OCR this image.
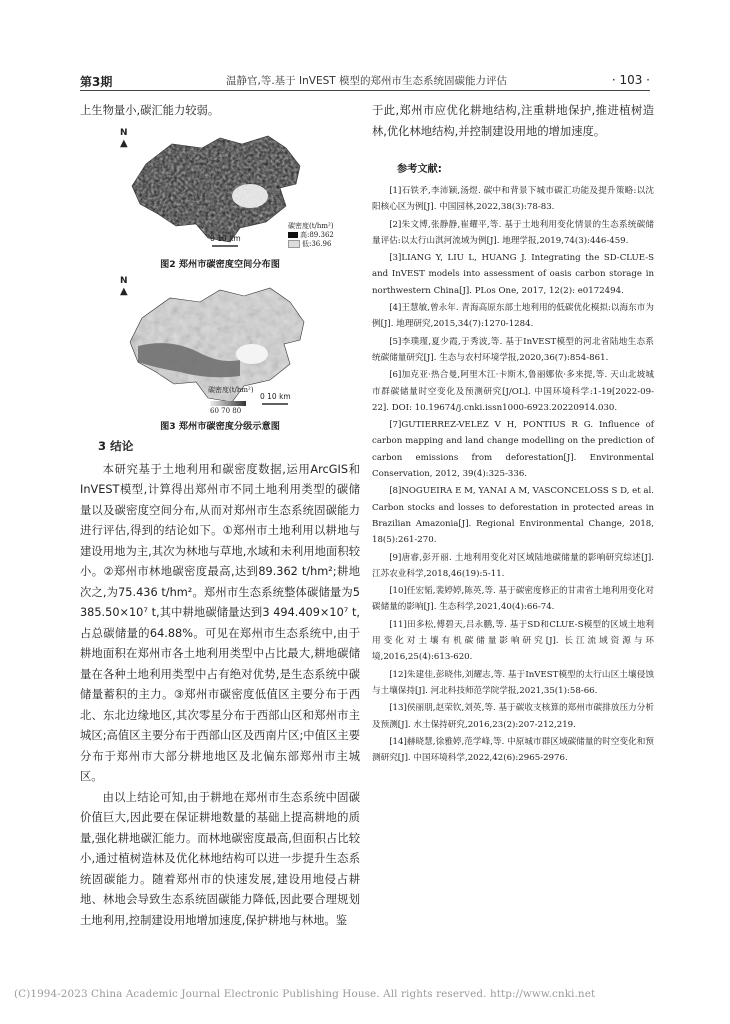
第3期	温静官,等.基于 InVEST 模型的郑州市生态系统固碳能力评估	· 103 ·

上生物量小,碳汇能力较弱。

N
▲
0 10 km
碳密度(t/hm²)
高:89.362
低:36.96
图2 郑州市碳密度空间分布图
N
▲
碳密度(t/hm²)
60 70 80
0 10 km
图3 郑州市碳密度分级示意图
3 结论

本研究基于土地利用和碳密度数据,运用ArcGIS和InVEST模型,计算得出郑州市不同土地利用类型的碳储量以及碳密度空间分布,从而对郑州市生态系统固碳能力进行评估,得到的结论如下。①郑州市土地利用以耕地与建设用地为主,其次为林地与草地,水域和未利用地面积较小。②郑州市林地碳密度最高,达到89.362 t/hm²;耕地次之,为75.436 t/hm²。郑州市生态系统整体碳储量为5 385.50×10⁷ t,其中耕地碳储量达到3 494.409×10⁷ t,占总碳储量的64.88%。可见在郑州市生态系统中,由于耕地面积在郑州市各土地利用类型中占比最大,耕地碳储量在各种土地利用类型中占有绝对优势,是生态系统中碳储量蓄积的主力。③郑州市碳密度低值区主要分布于西北、东北边缘地区,其次零星分布于西部山区和郑州市主城区;高值区主要分布于西部山区及西南片区;中值区主要分布于郑州市大部分耕地地区及北偏东部郑州市主城区。

由以上结论可知,由于耕地在郑州市生态系统中固碳价值巨大,因此要在保证耕地数量的基础上提高耕地的质量,强化耕地碳汇能力。而林地碳密度最高,但面积占比较小,通过植树造林及优化林地结构可以进一步提升生态系统固碳能力。随着郑州市的快速发展,建设用地侵占耕地、林地会导致生态系统固碳能力降低,因此要合理规划土地利用,控制建设用地增加速度,保护耕地与林地。鉴

于此,郑州市应优化耕地结构,注重耕地保护,推进植树造林,优化林地结构,并控制建设用地的增加速度。

参考文献:
[1]石铁矛,李沛颖,汤煜. 碳中和背景下城市碳汇功能及提升策略:以沈阳核心区为例[J]. 中国园林,2022,38(3):78-83.
[2]朱文博,张静静,崔耀平,等. 基于土地利用变化情景的生态系统碳储量评估:以太行山淇河流域为例[J]. 地理学报,2019,74(3):446-459.
[3]LIANG Y, LIU L, HUANG J. Integrating the SD-CLUE-S and InVEST models into assessment of oasis carbon storage in northwestern China[J]. PLos One, 2017, 12(2): e0172494.
[4]王慧敏,曾永年. 青海高原东部土地利用的低碳优化模拟:以海东市为例[J]. 地理研究,2015,34(7):1270-1284.
[5]李璞瑾,夏少霞,于秀波,等. 基于InVEST模型的河北省陆地生态系统碳储量研究[J]. 生态与农村环境学报,2020,36(7):854-861.
[6]加克亚·热合曼,阿里木江·卡斯木,鲁丽娜依·多来提,等. 天山北坡城市群碳储量时空变化及预测研究[J/OL]. 中国环境科学:1-19[2022-09-22]. DOI: 10.19674/j.cnki.issn1000-6923.20220914.030.
[7]GUTIERREZ-VELEZ V H, PONTIUS R G. Influence of carbon mapping and land change modelling on the prediction of carbon emissions from deforestation[J]. Environmental Conservation, 2012, 39(4):325-336.
[8]NOGUEIRA E M, YANAI A M, VASCONCELOSS S D, et al. Carbon stocks and losses to deforestation in protected areas in Brazilian Amazonia[J]. Regional Environmental Change, 2018, 18(5):261-270.
[9]唐睿,彭开丽. 土地利用变化对区域陆地碳储量的影响研究综述[J]. 江苏农业科学,2018,46(19):5-11.
[10]任宏韬,裴婷婷,陈英,等. 基于碳密度修正的甘肃省土地利用变化对碳储量的影响[J]. 生态科学,2021,40(4):66-74.
[11]田多松,傅碧天,吕永鹏,等. 基于SD和CLUE-S模型的区域土地利用变化对土壤有机碳储量影响研究[J]. 长江流域资源与环境,2016,25(4):613-620.
[12]朱建佳,彭晓伟,刘耀志,等. 基于InVEST模型的太行山区土壤侵蚀与土壤保持[J]. 河北科技师范学院学报,2021,35(1):58-66.
[13]侯丽朋,赵荣钦,刘英,等. 基于碳收支核算的郑州市碳排放压力分析及预测[J]. 水土保持研究,2016,23(2):207-212,219.
[14]赫晓慧,徐雅婷,范学峰,等. 中原城市群区域碳储量的时空变化和预测研究[J]. 中国环境科学,2022,42(6):2965-2976.
(C)1994-2023 China Academic Journal Electronic Publishing House. All rights reserved. http://www.cnki.net
